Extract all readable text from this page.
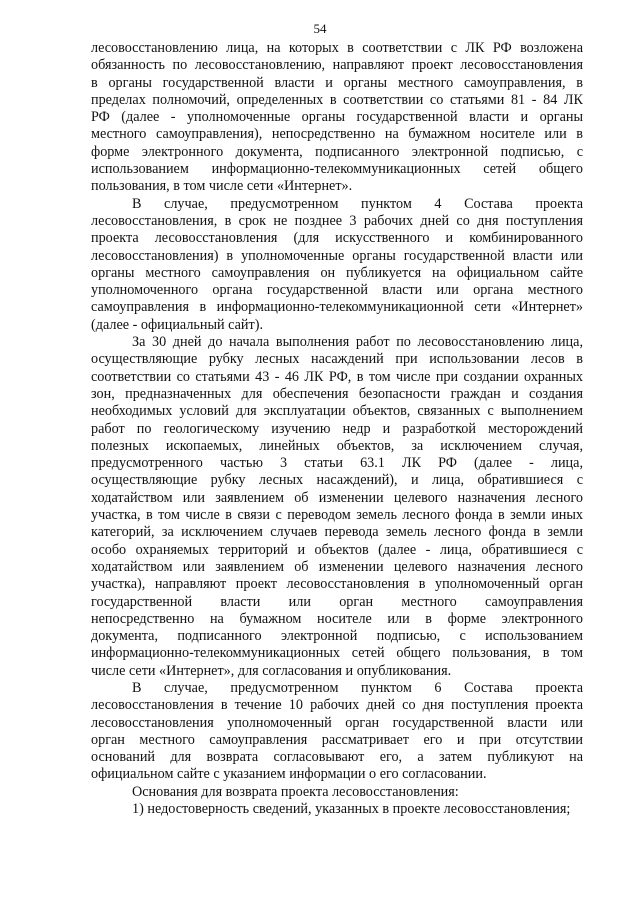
54
лесовосстановлению лица, на которых в соответствии с ЛК РФ возложена
обязанность по лесовосстановлению, направляют проект лесовосстановления
в органы государственной власти и органы местного самоуправления, в
пределах полномочий, определенных в соответствии со статьями 81 - 84 ЛК
РФ (далее - уполномоченные органы государственной власти и органы
местного самоуправления), непосредственно на бумажном носителе или в
форме электронного документа, подписанного электронной подписью, с
использованием информационно-телекоммуникационных сетей общего
пользования, в том числе сети «Интернет».
В случае, предусмотренном пунктом 4 Состава проекта
лесовосстановления, в срок не позднее 3 рабочих дней со дня поступления
проекта лесовосстановления (для искусственного и комбинированного
лесовосстановления) в уполномоченные органы государственной власти или
органы местного самоуправления он публикуется на официальном сайте
уполномоченного органа государственной власти или органа местного
самоуправления в информационно-телекоммуникационной сети «Интернет»
(далее - официальный сайт).
За 30 дней до начала выполнения работ по лесовосстановлению лица,
осуществляющие рубку лесных насаждений при использовании лесов в
соответствии со статьями 43 - 46 ЛК РФ, в том числе при создании охранных
зон, предназначенных для обеспечения безопасности граждан и создания
необходимых условий для эксплуатации объектов, связанных с выполнением
работ по геологическому изучению недр и разработкой месторождений
полезных ископаемых, линейных объектов, за исключением случая,
предусмотренного частью 3 статьи 63.1 ЛК РФ (далее - лица,
осуществляющие рубку лесных насаждений), и лица, обратившиеся с
ходатайством или заявлением об изменении целевого назначения лесного
участка, в том числе в связи с переводом земель лесного фонда в земли иных
категорий, за исключением случаев перевода земель лесного фонда в земли
особо охраняемых территорий и объектов (далее - лица, обратившиеся с
ходатайством или заявлением об изменении целевого назначения лесного
участка), направляют проект лесовосстановления в уполномоченный орган
государственной власти или орган местного самоуправления
непосредственно на бумажном носителе или в форме электронного
документа, подписанного электронной подписью, с использованием
информационно-телекоммуникационных сетей общего пользования, в том
числе сети «Интернет», для согласования и опубликования.
В случае, предусмотренном пунктом 6 Состава проекта
лесовосстановления в течение 10 рабочих дней со дня поступления проекта
лесовосстановления уполномоченный орган государственной власти или
орган местного самоуправления рассматривает его и при отсутствии
оснований для возврата согласовывают его, а затем публикуют на
официальном сайте с указанием информации о его согласовании.
Основания для возврата проекта лесовосстановления:
1) недостоверность сведений, указанных в проекте лесовосстановления;
